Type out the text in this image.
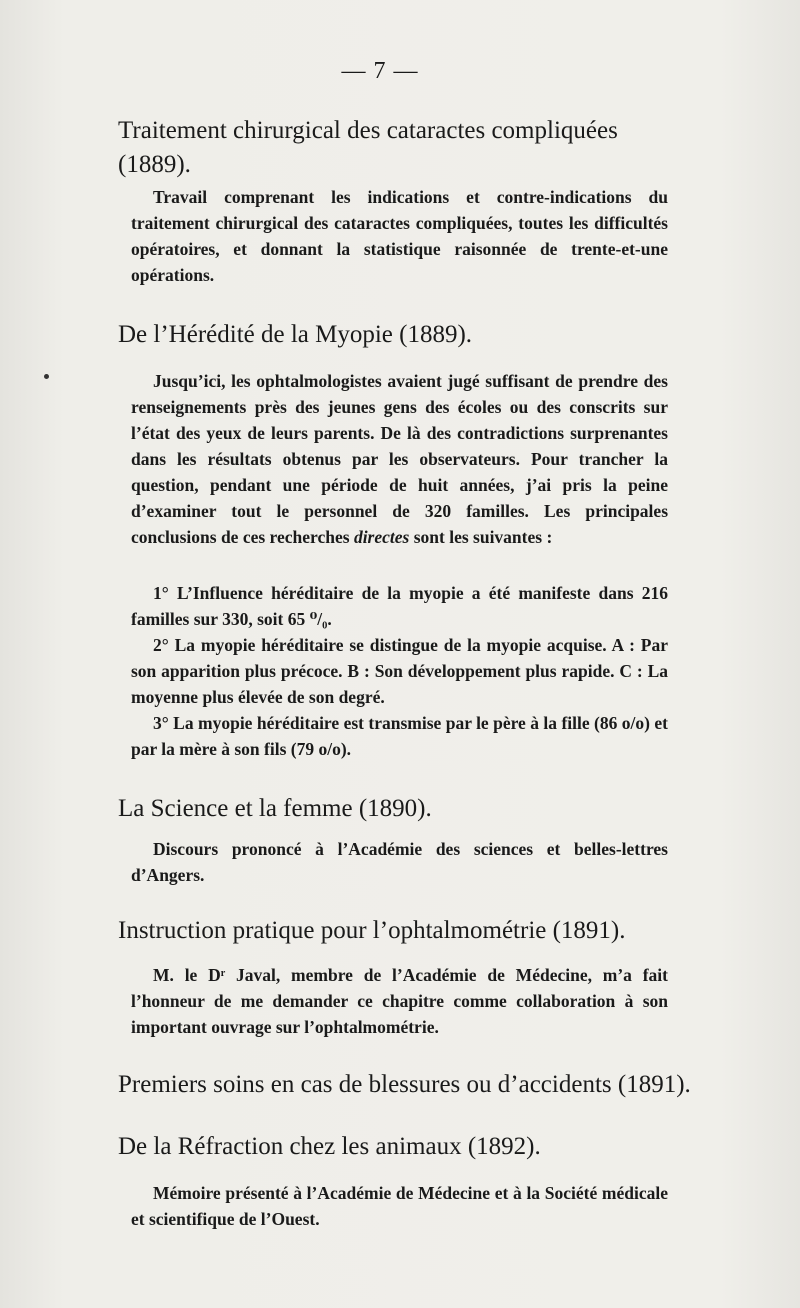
— 7 —
Traitement chirurgical des cataractes compliquées (1889).
Travail comprenant les indications et contre-indications du traitement chirurgical des cataractes compliquées, toutes les difficultés opératoires, et donnant la statistique raisonnée de trente-et-une opérations.
De l’Hérédité de la Myopie (1889).
Jusqu’ici, les ophtalmologistes avaient jugé suffisant de prendre des renseignements près des jeunes gens des écoles ou des conscrits sur l’état des yeux de leurs parents. De là des contradictions surprenantes dans les résultats obtenus par les observateurs. Pour trancher la question, pendant une période de huit années, j’ai pris la peine d’examiner tout le personnel de 320 familles. Les principales conclusions de ces recherches directes sont les suivantes :
1° L’Influence héréditaire de la myopie a été manifeste dans 216 familles sur 330, soit 65 ⁰/₀.
2° La myopie héréditaire se distingue de la myopie acquise. A : Par son apparition plus précoce. B : Son développement plus rapide. C : La moyenne plus élevée de son degré.
3° La myopie héréditaire est transmise par le père à la fille (86 o/o) et par la mère à son fils (79 o/o).
La Science et la femme (1890).
Discours prononcé à l’Académie des sciences et belles-lettres d’Angers.
Instruction pratique pour l’ophtalmométrie (1891).
M. le Dʳ Javal, membre de l’Académie de Médecine, m’a fait l’honneur de me demander ce chapitre comme collaboration à son important ouvrage sur l’ophtalmométrie.
Premiers soins en cas de blessures ou d’accidents (1891).
De la Réfraction chez les animaux (1892).
Mémoire présenté à l’Académie de Médecine et à la Société médicale et scientifique de l’Ouest.
